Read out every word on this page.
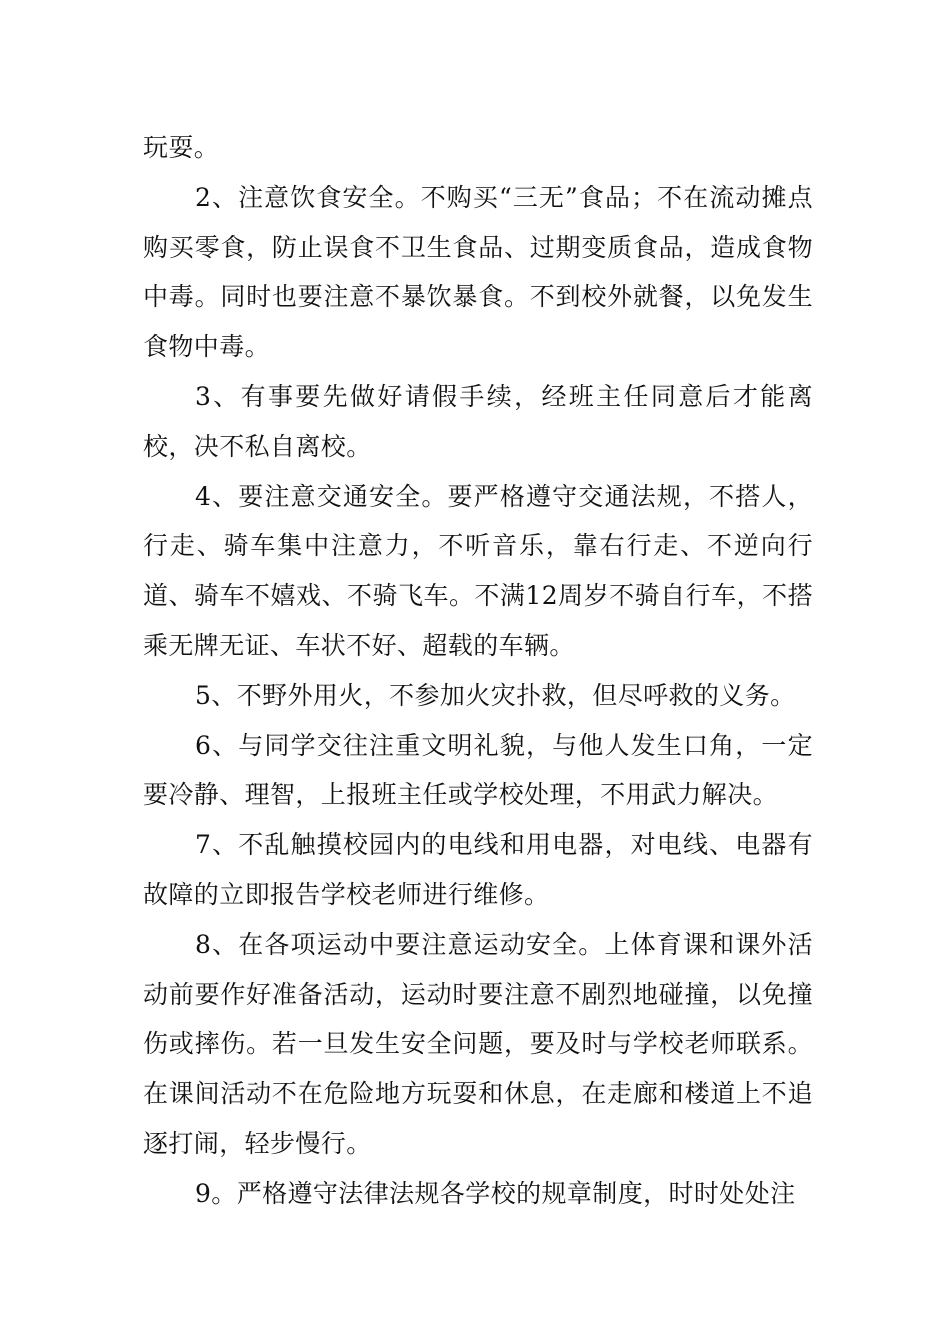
玩耍。

2、注意饮食安全。不购买“三无”食品；不在流动摊点购买零食，防止误食不卫生食品、过期变质食品，造成食物中毒。同时也要注意不暴饮暴食。不到校外就餐，以免发生食物中毒。

3、有事要先做好请假手续，经班主任同意后才能离校，决不私自离校。

4、要注意交通安全。要严格遵守交通法规，不搭人，行走、骑车集中注意力，不听音乐，靠右行走、不逆向行道、骑车不嬉戏、不骑飞车。不满12周岁不骑自行车，不搭乘无牌无证、车状不好、超载的车辆。

5、不野外用火，不参加火灾扑救，但尽呼救的义务。

6、与同学交往注重文明礼貌，与他人发生口角，一定要冷静、理智，上报班主任或学校处理，不用武力解决。

7、不乱触摸校园内的电线和用电器，对电线、电器有故障的立即报告学校老师进行维修。

8、在各项运动中要注意运动安全。上体育课和课外活动前要作好准备活动，运动时要注意不剧烈地碰撞，以免撞伤或摔伤。若一旦发生安全问题，要及时与学校老师联系。在课间活动不在危险地方玩耍和休息，在走廊和楼道上不追逐打闹，轻步慢行。

9。严格遵守法律法规各学校的规章制度，时时处处注
